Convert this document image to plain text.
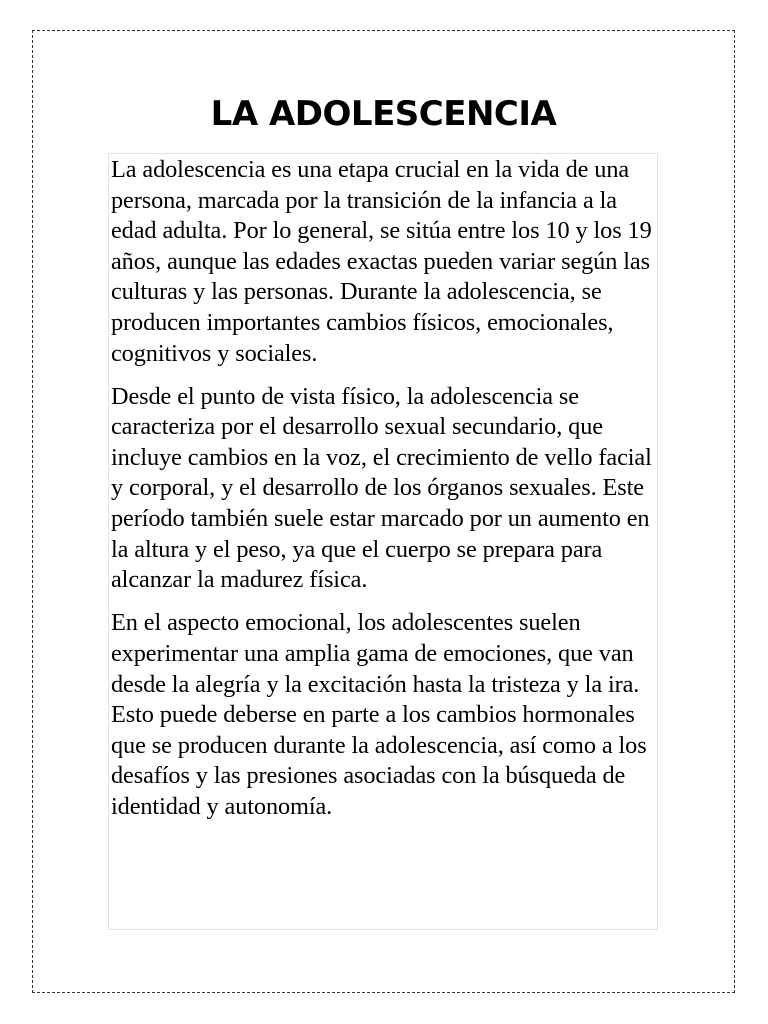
LA ADOLESCENCIA

La adolescencia es una etapa crucial en la vida de una persona, marcada por la transición de la infancia a la edad adulta. Por lo general, se sitúa entre los 10 y los 19 años, aunque las edades exactas pueden variar según las culturas y las personas. Durante la adolescencia, se producen importantes cambios físicos, emocionales, cognitivos y sociales.

Desde el punto de vista físico, la adolescencia se caracteriza por el desarrollo sexual secundario, que incluye cambios en la voz, el crecimiento de vello facial y corporal, y el desarrollo de los órganos sexuales. Este período también suele estar marcado por un aumento en la altura y el peso, ya que el cuerpo se prepara para alcanzar la madurez física.

En el aspecto emocional, los adolescentes suelen experimentar una amplia gama de emociones, que van desde la alegría y la excitación hasta la tristeza y la ira. Esto puede deberse en parte a los cambios hormonales que se producen durante la adolescencia, así como a los desafíos y las presiones asociadas con la búsqueda de identidad y autonomía.
